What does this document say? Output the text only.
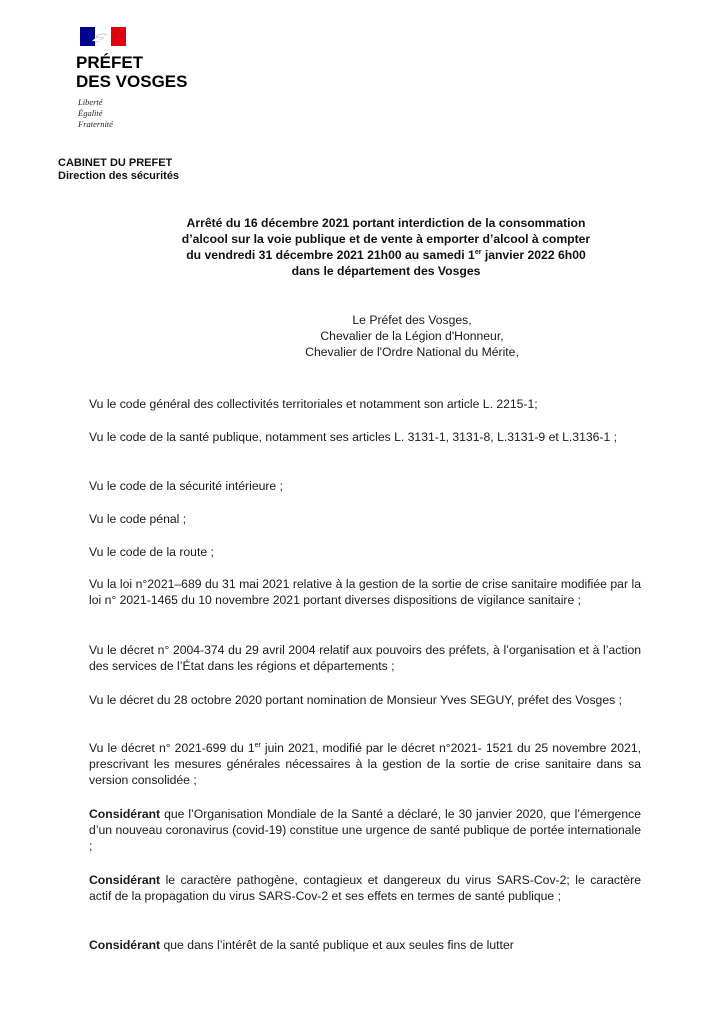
PRÉFET
DES VOSGES
Liberté
Égalité
Fraternité
CABINET DU PREFET
Direction des sécurités
Arrêté du 16 décembre 2021 portant interdiction de la consommation
d’alcool sur la voie publique et de vente à emporter d’alcool à compter
du vendredi 31 décembre 2021 21h00 au samedi 1er janvier 2022 6h00
dans le département des Vosges
Le Préfet des Vosges,
Chevalier de la Légion d'Honneur,
Chevalier de l'Ordre National du Mérite,
Vu le code général des collectivités territoriales et notamment son article L. 2215-1;
Vu le code de la santé publique, notamment ses articles L. 3131-1, 3131-8, L.3131-9 et L.3136-1 ;
Vu le code de la sécurité intérieure ;
Vu le code pénal ;
Vu le code de la route ;
Vu la loi n°2021–689 du 31 mai 2021 relative à la gestion de la sortie de crise sanitaire modifiée par la loi n° 2021-1465 du 10 novembre 2021 portant diverses dispositions de vigilance sanitaire ;
Vu le décret n° 2004-374 du 29 avril 2004 relatif aux pouvoirs des préfets, à l’organisation et à l’action des services de l’État dans les régions et départements ;
Vu le décret du 28 octobre 2020 portant nomination de Monsieur Yves SEGUY, préfet des Vosges ;
Vu le décret n° 2021-699 du 1er juin 2021, modifié par le décret n°2021- 1521 du 25 novembre 2021, prescrivant les mesures générales nécessaires à la gestion de la sortie de crise sanitaire dans sa version consolidée ;
Considérant que l’Organisation Mondiale de la Santé a déclaré, le 30 janvier 2020, que l’émergence d’un nouveau coronavirus (covid-19) constitue une urgence de santé publique de portée internationale ;
Considérant le caractère pathogène, contagieux et dangereux du virus SARS-Cov-2; le caractère actif de la propagation du virus SARS-Cov-2 et ses effets en termes de santé publique ;
Considérant que dans l’intérêt de la santé publique et aux seules fins de lutter
